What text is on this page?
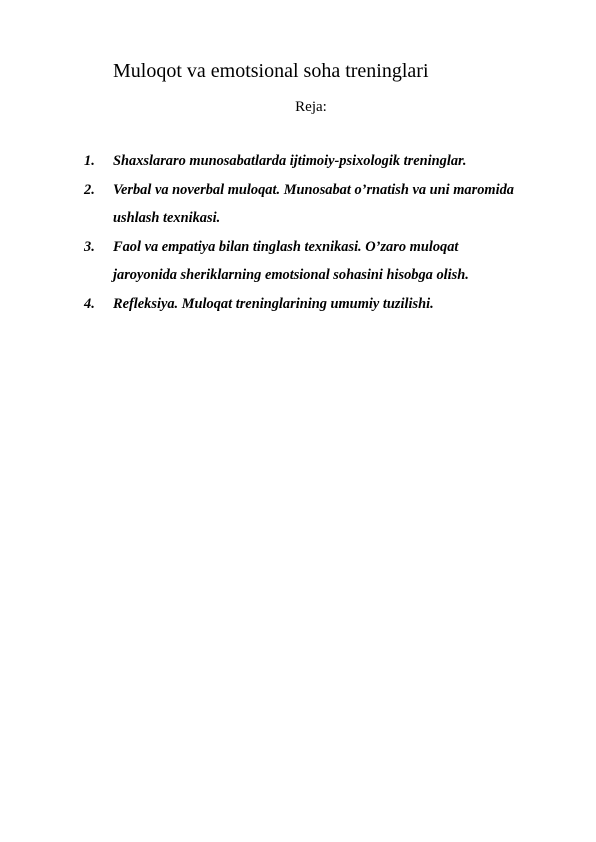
Muloqot va emotsional soha treninglari
Reja:
1.	Shaxslararo munosabatlarda ijtimoiy-psixologik treninglar.
2.	Verbal va noverbal muloqat. Munosabat o’rnatish va uni maromida ushlash texnikasi.
3.	Faol va empatiya bilan tinglash texnikasi. O’zaro muloqat jaroyonida sheriklarning emotsional sohasini hisobga olish.
4.	Refleksiya. Muloqat treninglarining umumiy tuzilishi.
